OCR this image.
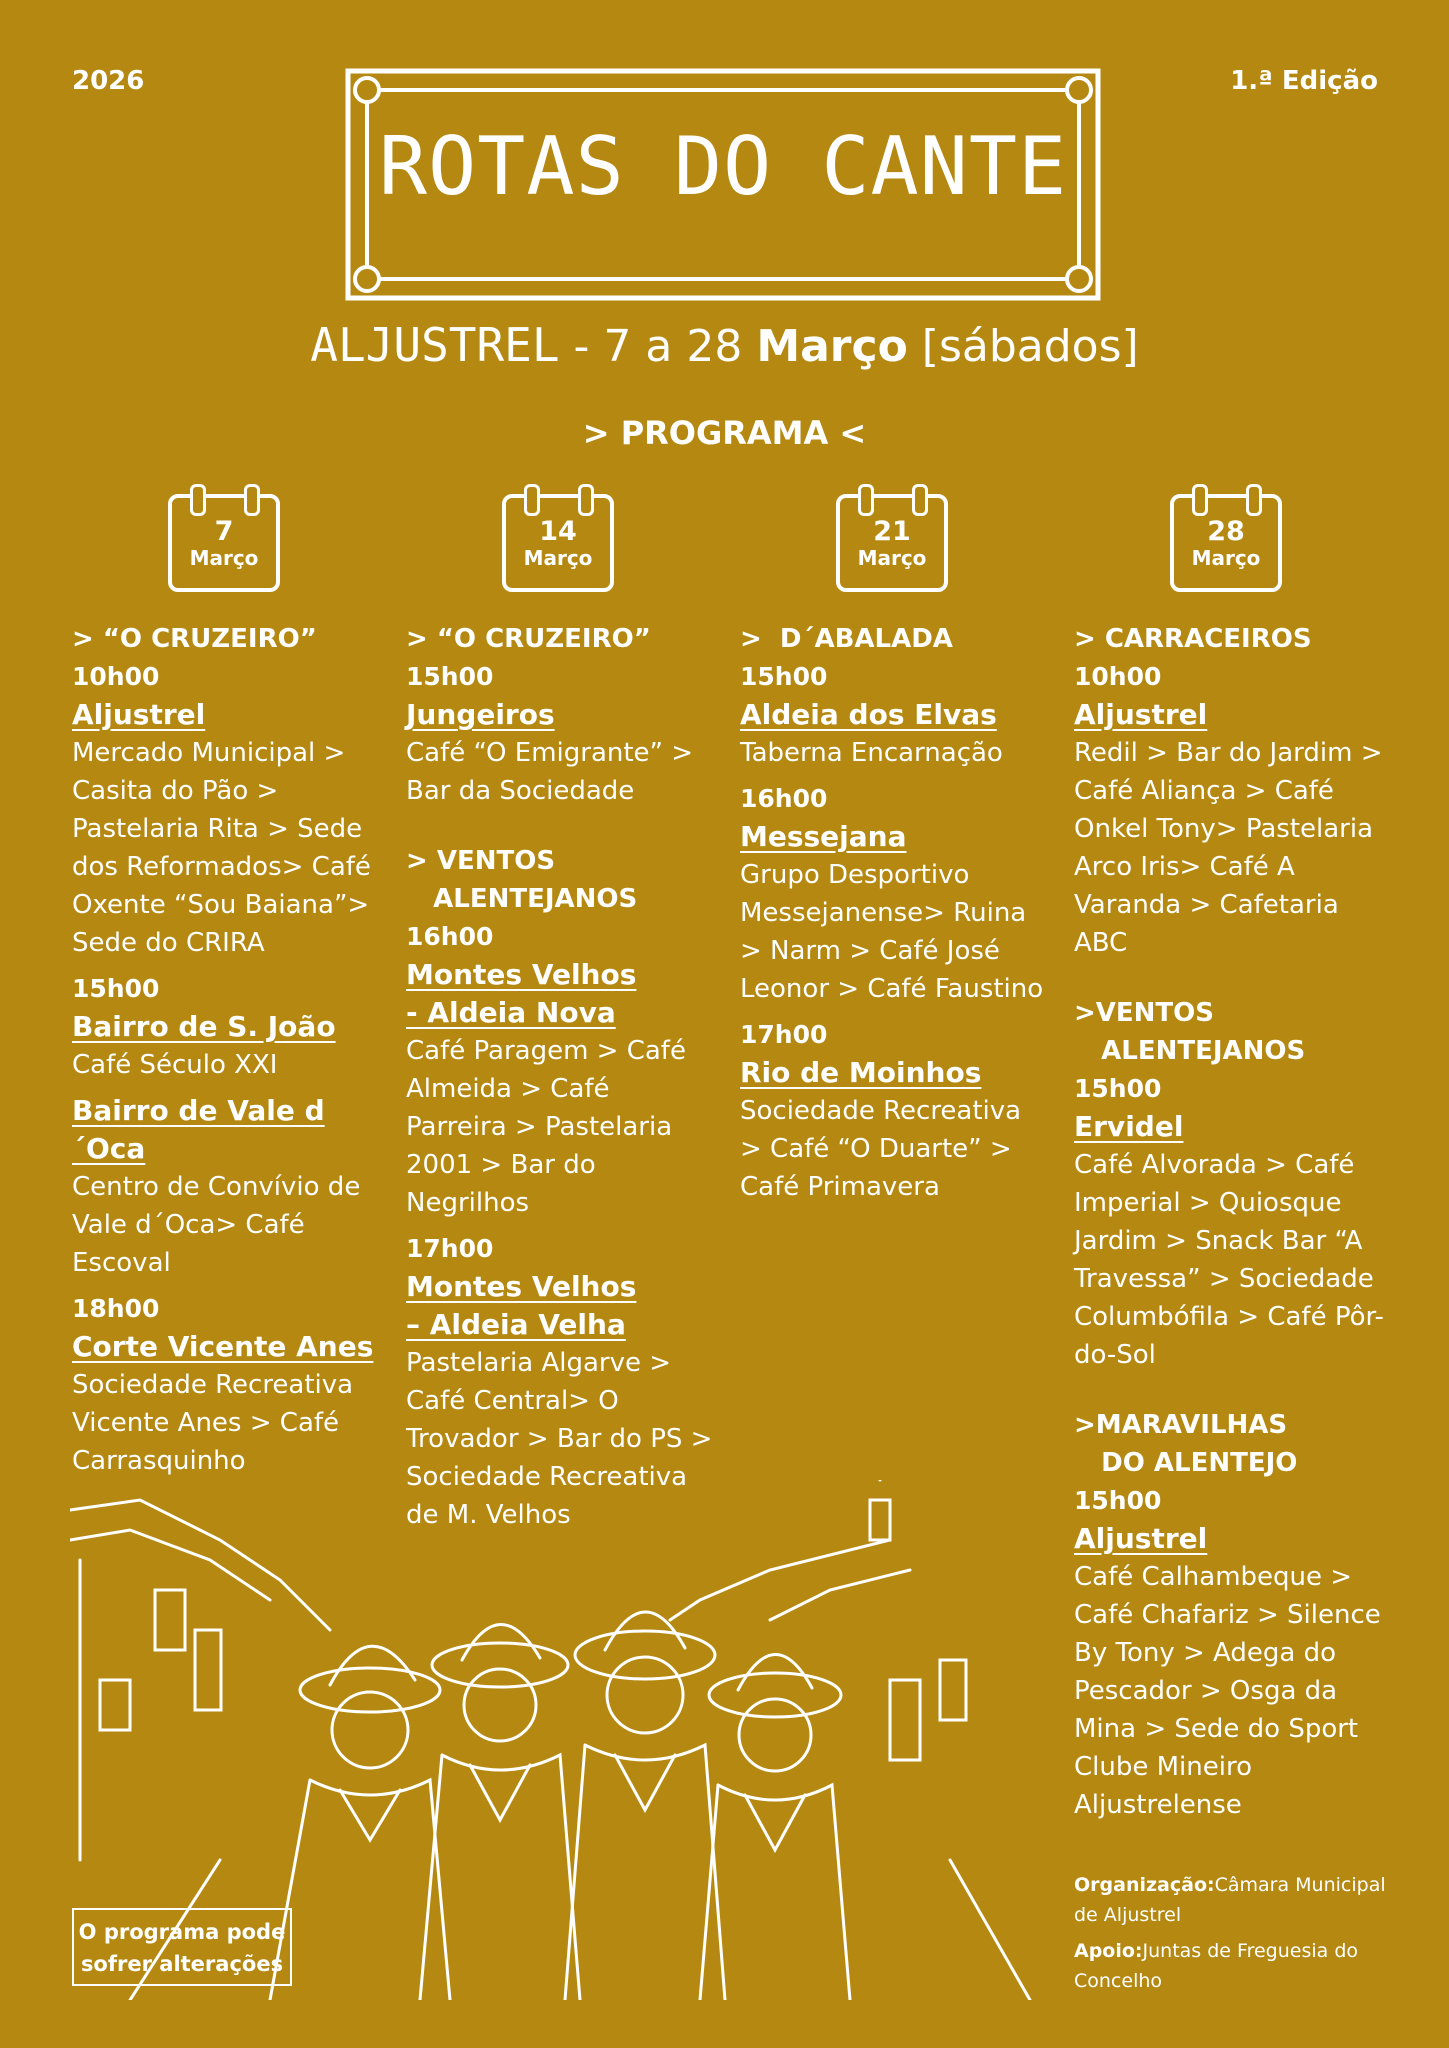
2026	1.ª Edição
ROTAS DO CANTE
ALJUSTREL - 7 a 28 Março [sábados]
> PROGRAMA <
7
Março
14
Março
21
Março
28
Março
> “O CRUZEIRO”
10h00
Aljustrel
Mercado Municipal > Casita do Pão > Pastelaria Rita > Sede dos Reformados> Café Oxente “Sou Baiana”> Sede do CRIRA
15h00
Bairro de S. João
Café Século XXI
Bairro de Vale d´Oca
Centro de Convívio de Vale d´Oca> Café Escoval
18h00
Corte Vicente Anes
Sociedade Recreativa Vicente Anes > Café Carrasquinho
> “O CRUZEIRO”
15h00
Jungeiros
Café “O Emigrante” > Bar da Sociedade
> VENTOS
ALENTEJANOS
16h00
Montes Velhos
- Aldeia Nova
Café Paragem > Café Almeida > Café Parreira > Pastelaria 2001 > Bar do Negrilhos
17h00
Montes Velhos
– Aldeia Velha
Pastelaria Algarve > Café Central> O Trovador > Bar do PS > Sociedade Recreativa de M. Velhos
>  D´ABALADA
15h00
Aldeia dos Elvas
Taberna Encarnação
16h00
Messejana
Grupo Desportivo Messejanense> Ruina > Narm > Café José Leonor > Café Faustino
17h00
Rio de Moinhos
Sociedade Recreativa > Café “O Duarte” > Café Primavera
> CARRACEIROS
10h00
Aljustrel
Redil > Bar do Jardim > Café Aliança > Café Onkel Tony> Pastelaria Arco Iris> Café A Varanda > Cafetaria ABC
>VENTOS
ALENTEJANOS
15h00
Ervidel
Café Alvorada > Café Imperial > Quiosque Jardim > Snack Bar “A Travessa” > Sociedade Columbófila > Café Pôr-do-Sol
>MARAVILHAS
DO ALENTEJO
15h00
Aljustrel
Café Calhambeque > Café Chafariz > Silence By Tony > Adega do Pescador > Osga da Mina > Sede do Sport Clube Mineiro Aljustrelense
O programa pode sofrer alterações
Organização:Câmara Municipal de Aljustrel
Apoio:Juntas de Freguesia do Concelho
